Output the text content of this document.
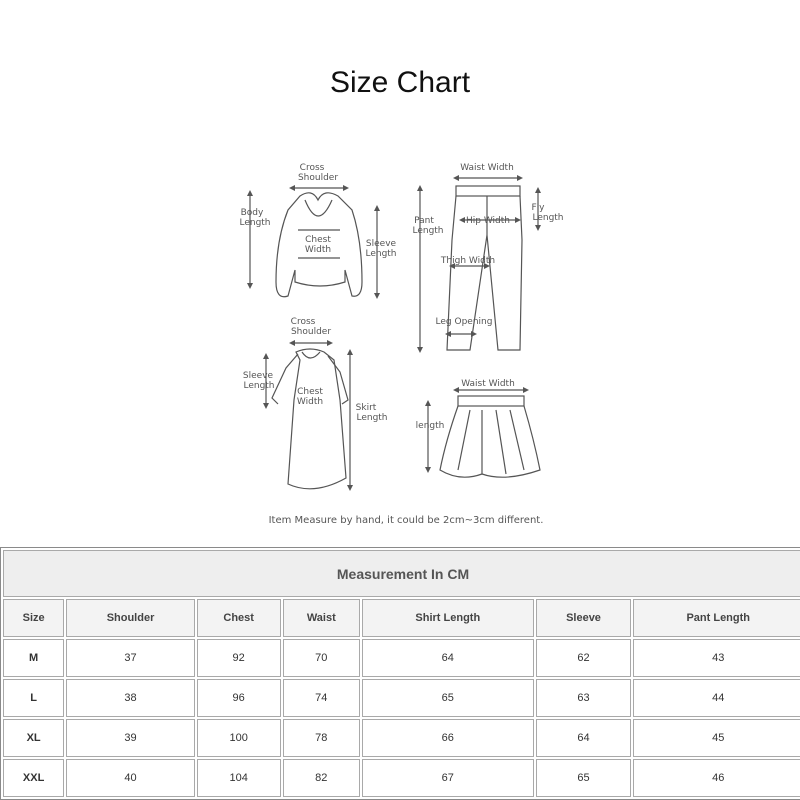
Size Chart
Cross Shoulder
Body Length
Chest Width
Sleeve Length
Waist Width
Pant Length
Fly Length
Hip Width
Thigh Width
Leg Opening
Cross Shoulder
Sleeve Length
Chest Width
Skirt Length
Waist Width
length
Item Measure by hand, it could be 2cm~3cm different.
Measurement In CM						
Size	Shoulder	Chest	Waist	Shirt Length	Sleeve	Pant Length
M	37	92	70	64	62	43
L	38	96	74	65	63	44
XL	39	100	78	66	64	45
XXL	40	104	82	67	65	46
